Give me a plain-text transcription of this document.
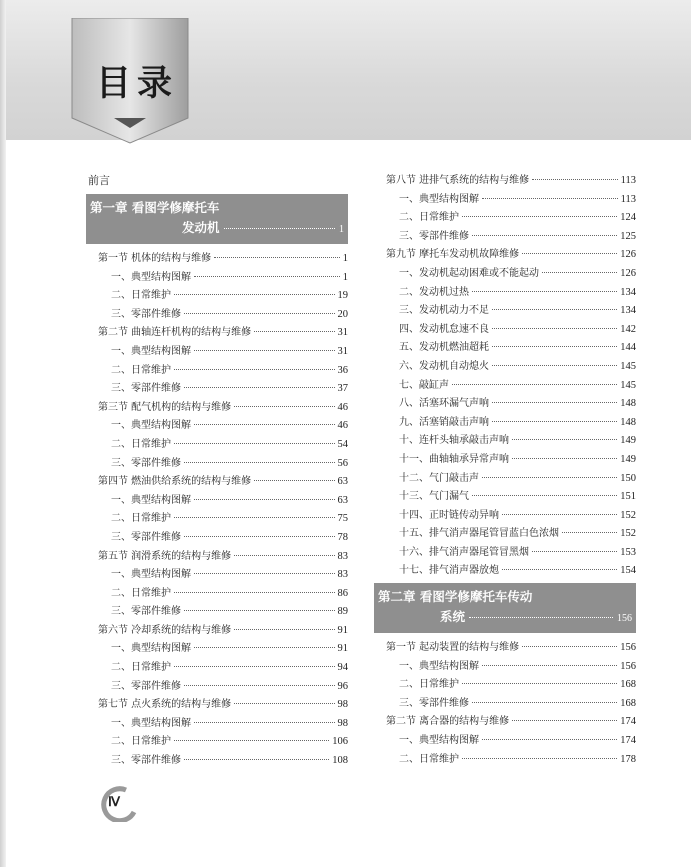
目录
前言
第一章 看图学修摩托车
发动机	1
第一节 机体的结构与维修	1
一、典型结构图解	1
二、日常维护	19
三、零部件维修	20
第二节 曲轴连杆机构的结构与维修	31
一、典型结构图解	31
二、日常维护	36
三、零部件维修	37
第三节 配气机构的结构与维修	46
一、典型结构图解	46
二、日常维护	54
三、零部件维修	56
第四节 燃油供给系统的结构与维修	63
一、典型结构图解	63
二、日常维护	75
三、零部件维修	78
第五节 润滑系统的结构与维修	83
一、典型结构图解	83
二、日常维护	86
三、零部件维修	89
第六节 冷却系统的结构与维修	91
一、典型结构图解	91
二、日常维护	94
三、零部件维修	96
第七节 点火系统的结构与维修	98
一、典型结构图解	98
二、日常维护	106
三、零部件维修	108
第八节 进排气系统的结构与维修	113
一、典型结构图解	113
二、日常维护	124
三、零部件维修	125
第九节 摩托车发动机故障维修	126
一、发动机起动困难或不能起动	126
二、发动机过热	134
三、发动机动力不足	134
四、发动机怠速不良	142
五、发动机燃油超耗	144
六、发动机自动熄火	145
七、敲缸声	145
八、活塞环漏气声响	148
九、活塞销敲击声响	148
十、连杆头轴承敲击声响	149
十一、曲轴轴承异常声响	149
十二、气门敲击声	150
十三、气门漏气	151
十四、正时链传动异响	152
十五、排气消声器尾管冒蓝白色浓烟	152
十六、排气消声器尾管冒黑烟	153
十七、排气消声器放炮	154
第二章 看图学修摩托车传动
系统	156
第一节 起动装置的结构与维修	156
一、典型结构图解	156
二、日常维护	168
三、零部件维修	168
第二节 离合器的结构与维修	174
一、典型结构图解	174
二、日常维护	178
Ⅳ
